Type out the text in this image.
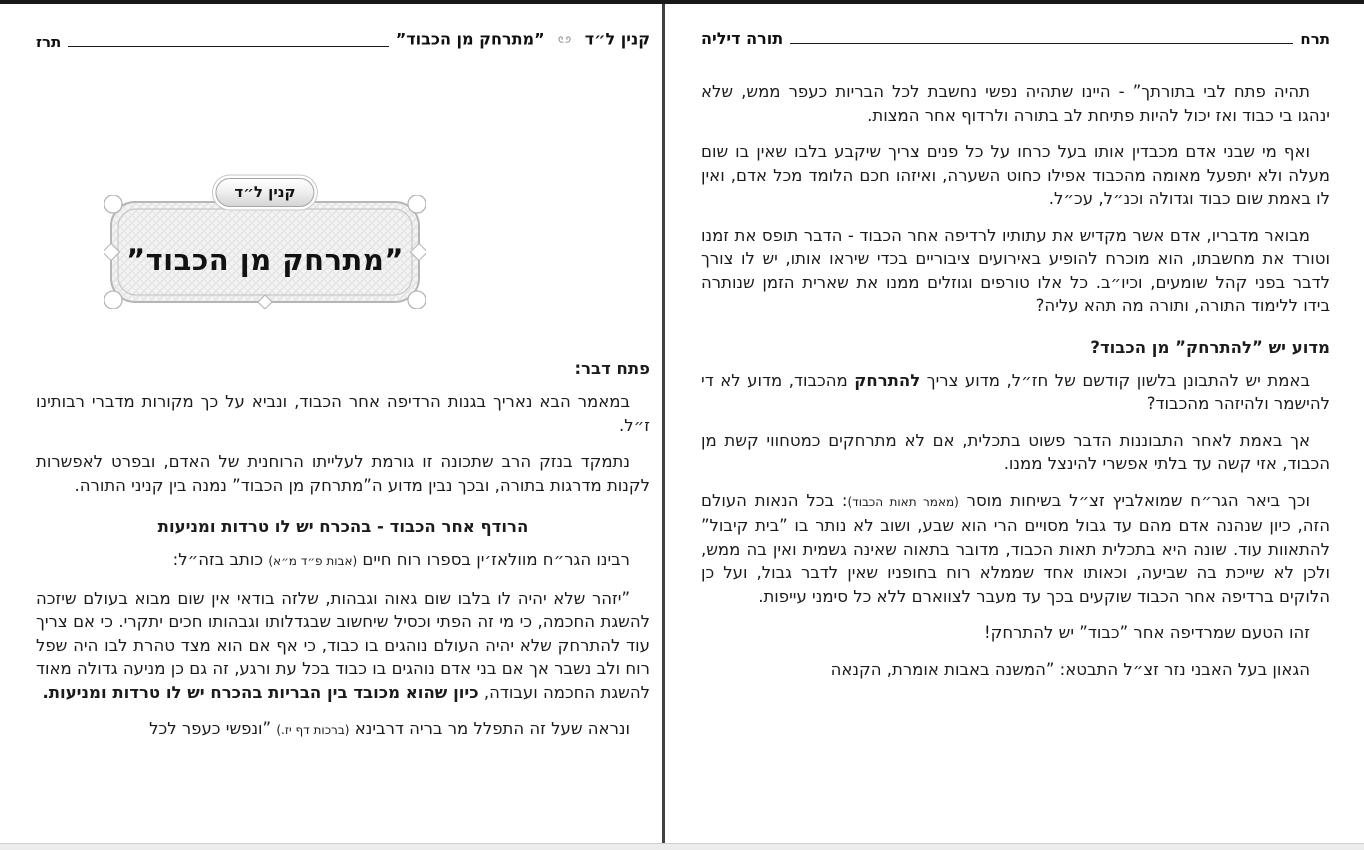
קנין ל״ד  ”מתרחק מן הכבוד”
תרז
קנין ל״ד
”מתרחק מן הכבוד”
פתח דבר:

במאמר הבא נאריך בגנות הרדיפה אחר הכבוד, ונביא על כך מקורות מדברי רבותינו ז״ל.

נתמקד בנזק הרב שתכונה זו גורמת לעלייתו הרוחנית של האדם, ובפרט לאפשרות לקנות מדרגות בתורה, ובכך נבין מדוע ה”מתרחק מן הכבוד” נמנה בין קניני התורה.

הרודף אחר הכבוד - בהכרח יש לו טרדות ומניעות

רבינו הגר״ח מוולאז׳ין בספרו רוח חיים (אבות פ״ד מ״א) כותב בזה״ל:

”יזהר שלא יהיה לו בלבו שום גאוה וגבהות, שלזה בודאי אין שום מבוא בעולם שיזכה להשגת החכמה, כי מי זה הפתי וכסיל שיחשוב שבגדלותו וגבהותו חכים יתקרי. כי אם צריך עוד להתרחק שלא יהיה העולם נוהגים בו כבוד, כי אף אם הוא מצד טהרת לבו היה שפל רוח ולב נשבר אך אם בני אדם נוהגים בו כבוד בכל עת ורגע, זה גם כן מניעה גדולה מאוד להשגת החכמה ועבודה, כיון שהוא מכובד בין הבריות בהכרח יש לו טרדות ומניעות.

ונראה שעל זה התפלל מר בריה דרבינא (ברכות דף יז.) ”ונפשי כעפר לכל

תרח
תורה דיליה

תהיה פתח לבי בתורתך” - היינו שתהיה נפשי נחשבת לכל הבריות כעפר ממש, שלא ינהגו בי כבוד ואז יכול להיות פתיחת לב בתורה ולרדוף אחר המצות.

ואף מי שבני אדם מכבדין אותו בעל כרחו על כל פנים צריך שיקבע בלבו שאין בו שום מעלה ולא יתפעל מאומה מהכבוד אפילו כחוט השערה, ואיזהו חכם הלומד מכל אדם, ואין לו באמת שום כבוד וגדולה וכנ״ל, עכ״ל.

מבואר מדבריו, אדם אשר מקדיש את עתותיו לרדיפה אחר הכבוד - הדבר תופס את זמנו וטורד את מחשבתו, הוא מוכרח להופיע באירועים ציבוריים בכדי שיראו אותו, יש לו צורך לדבר בפני קהל שומעים, וכיו״ב. כל אלו טורפים וגוזלים ממנו את שארית הזמן שנותרה בידו ללימוד התורה, ותורה מה תהא עליה?

מדוע יש ”להתרחק” מן הכבוד?

באמת יש להתבונן בלשון קודשם של חז״ל, מדוע צריך להתרחק מהכבוד, מדוע לא די להישמר ולהיזהר מהכבוד?

אך באמת לאחר התבוננות הדבר פשוט בתכלית, אם לא מתרחקים כמטחווי קשת מן הכבוד, אזי קשה עד בלתי אפשרי להינצל ממנו.

וכך ביאר הגר״ח שמואלביץ זצ״ל בשיחות מוסר (מאמר תאות הכבוד): בכל הנאות העולם הזה, כיון שנהנה אדם מהם עד גבול מסויים הרי הוא שבע, ושוב לא נותר בו ”בית קיבול” להתאוות עוד. שונה היא בתכלית תאות הכבוד, מדובר בתאוה שאינה גשמית ואין בה ממש, ולכן לא שייכת בה שביעה, וכאותו אחד שממלא רוח בחופניו שאין לדבר גבול, ועל כן הלוקים ברדיפה אחר הכבוד שוקעים בכך עד מעבר לצווארם ללא כל סימני עייפות.

זהו הטעם שמרדיפה אחר ”כבוד” יש להתרחק!

הגאון בעל האבני נזר זצ״ל התבטא: ”המשנה באבות אומרת, הקנאה
